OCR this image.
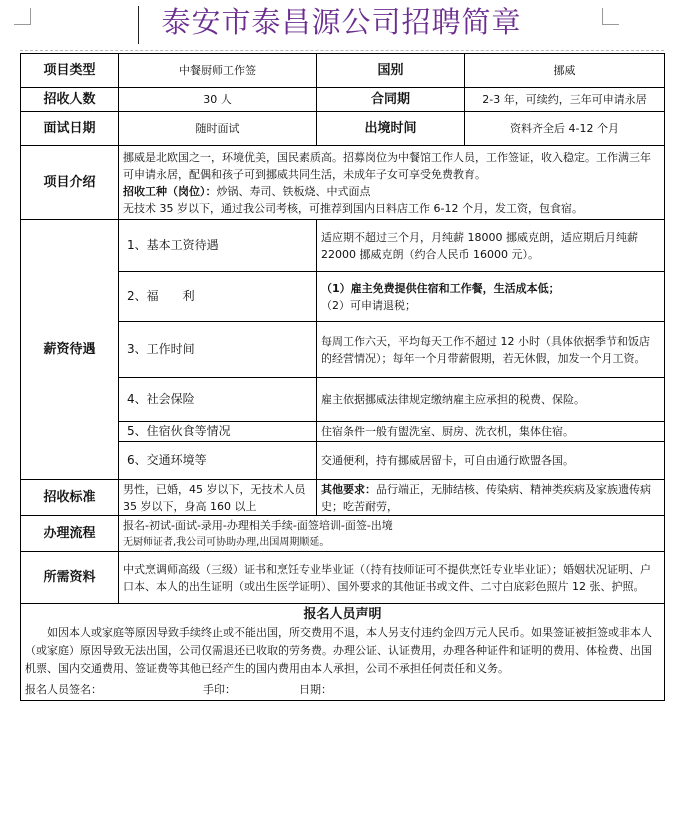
泰安市泰昌源公司招聘简章
项目类型	中餐厨师工作签	国别	挪威
招收人数	30 人	合同期	2-3 年，可续约，三年可申请永居
面试日期	随时面试	出境时间	资料齐全后 4-12 个月
项目介绍	挪威是北欧国之一，环境优美，国民素质高。招募岗位为中餐馆工作人员，工作签证，收入稳定。工作满三年可申请永居，配偶和孩子可到挪威共同生活，未成年子女可享受免费教育。
招收工种（岗位）：炒锅、寿司、铁板烧、中式面点
无技术 35 岁以下，通过我公司考核，可推荐到国内日料店工作 6-12 个月，发工资，包食宿。		

薪资待遇	1、基本工资待遇	适应期不超过三个月，月纯薪 18000 挪威克朗，适应期后月纯薪 22000 挪威克朗（约合人民币 16000 元）。	
	2、福　　利	（1）雇主免费提供住宿和工作餐，生活成本低；
（2）可申请退税；	

	3、工作时间	每周工作六天，平均每天工作不超过 12 小时（具体依据季节和饭店的经营情况）；每年一个月带薪假期，若无休假，加发一个月工资。	
	4、社会保险	雇主依据挪威法律规定缴纳雇主应承担的税费、保险。	
	5、住宿伙食等情况	住宿条件一般有盥洗室、厨房、洗衣机，集体住宿。	
	6、交通环境等	交通便利，持有挪威居留卡，可自由通行欧盟各国。	
招收标准	男性，已婚，45 岁以下，无技术人员 35 岁以下，身高 160 以上	其他要求：品行端正，无肺结核、传染病、精神类疾病及家族遗传病史；吃苦耐劳，	
办理流程	报名-初试-面试-录用-办理相关手续-面签培训-面签-出境
无厨师证者,我公司可协助办理,出国周期顺延。		

所需资料	中式烹调师高级（三级）证书和烹饪专业毕业证（（持有技师证可不提供烹饪专业毕业证）；婚姻状况证明、户口本、本人的出生证明（或出生医学证明）、国外要求的其他证书或文件、二寸白底彩色照片 12 张、护照。		

报名人员声明
如因本人或家庭等原因导致手续终止或不能出国，所交费用不退，本人另支付违约金四万元人民币。如果签证被拒签或非本人（或家庭）原因导致无法出国，公司仅需退还已收取的劳务费。办理公证、认证费用，办理各种证件和证明的费用、体检费、出国机票、国内交通费用、签证费等其他已经产生的国内费用由本人承担，公司不承担任何责任和义务。
报名人员签名： 手印： 日期：			
